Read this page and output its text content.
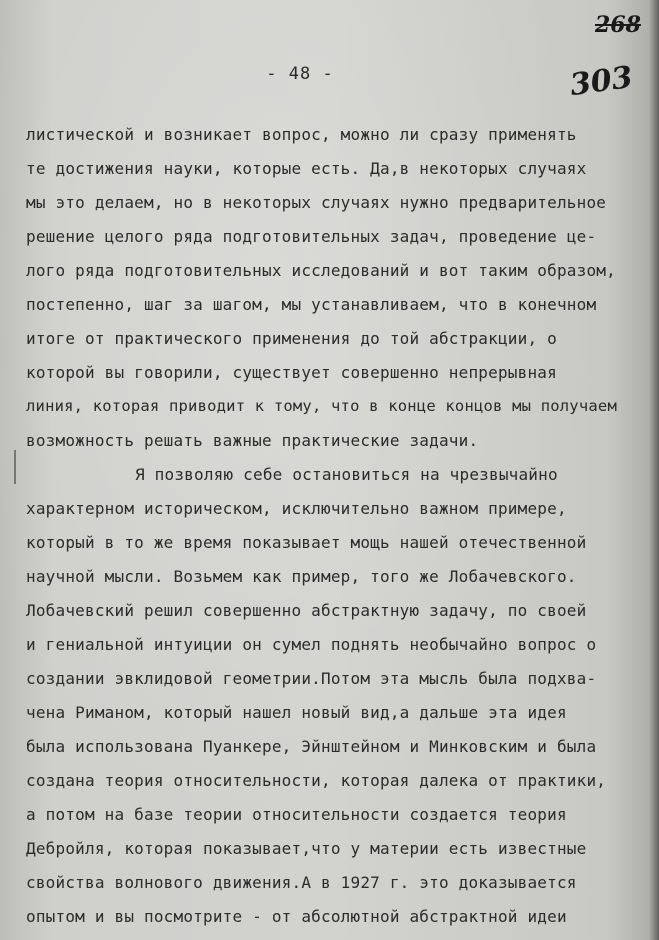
268
303
- 48 -
листической и возникает вопрос, можно ли сразу применять
те достижения науки, которые есть. Да,в некоторых случаях
мы это делаем, но в некоторых случаях нужно предварительное
решение целого ряда подготовительных задач, проведение це-
лого ряда подготовительных исследований и вот таким образом,
постепенно, шаг за шагом, мы устанавливаем, что в конечном
итоге от практического применения до той абстракции, о
которой вы говорили, существует совершенно непрерывная
линия, которая приводит к тому, что в конце концов мы получаем
возможность решать важные практические задачи.
Я позволяю себе остановиться на чрезвычайно
характерном историческом, исключительно важном примере,
который в то же время показывает мощь нашей отечественной
научной мысли. Возьмем как пример, того же Лобачевского.
Лобачевский решил совершенно абстрактную задачу, по своей
и гениальной интуиции он сумел поднять необычайно вопрос о
создании эвклидовой геометрии.Потом эта мысль была подхва-
чена Риманом, который нашел новый вид,а дальше эта идея
была использована Пуанкере, Эйнштейном и Минковским и была
создана теория относительности, которая далека от практики,
а потом на базе теории относительности создается теория
Дебройля, которая показывает,что у материи есть известные
свойства волнового движения.А в 1927 г. это доказывается
опытом и вы посмотрите - от абсолютной абстрактной идеи
